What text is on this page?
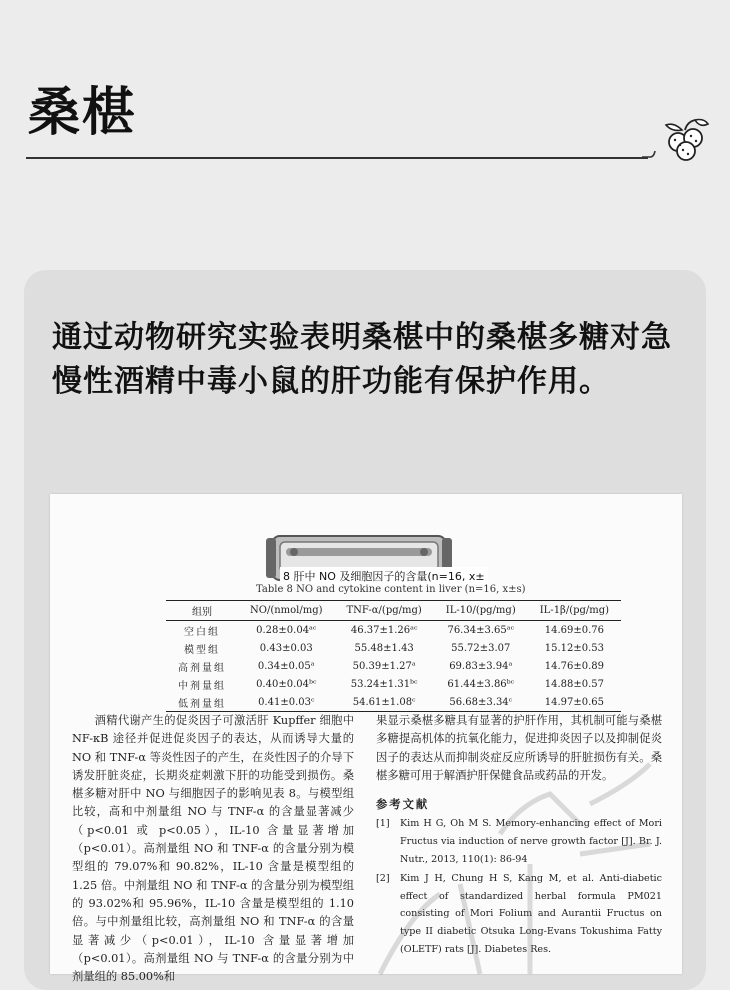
桑椹

通过动物研究实验表明桑椹中的桑椹多糖对急慢性酒精中毒小鼠的肝功能有保护作用。

8 肝中 NO 及细胞因子的含量(n=16, x±
Table 8 NO and cytokine content in liver (n=16, x±s)
组别	NO/(nmol/mg)	TNF-α/(pg/mg)	IL-10/(pg/mg)	IL-1β/(pg/mg)
空白组	0.28±0.04ᵃᶜ	46.37±1.26ᵃᶜ	76.34±3.65ᵃᶜ	14.69±0.76
模型组	0.43±0.03	55.48±1.43	55.72±3.07	15.12±0.53
高剂量组	0.34±0.05ᵃ	50.39±1.27ᵃ	69.83±3.94ᵃ	14.76±0.89
中剂量组	0.40±0.04ᵇᶜ	53.24±1.31ᵇᶜ	61.44±3.86ᵇᶜ	14.88±0.57
低剂量组	0.41±0.03ᶜ	54.61±1.08ᶜ	56.68±3.34ᶜ	14.97±0.65

酒精代谢产生的促炎因子可激活肝 Kupffer 细胞中 NF-κB 途径并促进促炎因子的表达，从而诱导大量的 NO 和 TNF-α 等炎性因子的产生，在炎性因子的介导下诱发肝脏炎症，长期炎症刺激下肝的功能受到损伤。桑椹多糖对肝中 NO 与细胞因子的影响见表 8。与模型组比较，高和中剂量组 NO 与 TNF-α 的含量显著减少（p<0.01 或 p<0.05），IL-10 含量显著增加（p<0.01）。高剂量组 NO 和 TNF-α 的含量分别为模型组的 79.07%和 90.82%，IL-10 含量是模型组的 1.25 倍。中剂量组 NO 和 TNF-α 的含量分别为模型组的 93.02%和 95.96%，IL-10 含量是模型组的 1.10 倍。与中剂量组比较，高剂量组 NO 和 TNF-α 的含量显著减少（p<0.01），IL-10 含量显著增加（p<0.01）。高剂量组 NO 与 TNF-α 的含量分别为中剂量组的 85.00%和

果显示桑椹多糖具有显著的护肝作用，其机制可能与桑椹多糖提高机体的抗氧化能力，促进抑炎因子以及抑制促炎因子的表达从而抑制炎症反应所诱导的肝脏损伤有关。桑椹多糖可用于解酒护肝保健食品或药品的开发。

参考文献

[1]	Kim H G, Oh M S. Memory-enhancing effect of Mori Fructus via induction of nerve growth factor [J]. Br. J. Nutr., 2013, 110(1): 86-94

[2]	Kim J H, Chung H S, Kang M, et al. Anti-diabetic effect of standardized herbal formula PM021 consisting of Mori Folium and Aurantii Fructus on type II diabetic Otsuka Long-Evans Tokushima Fatty (OLETF) rats [J]. Diabetes Res.
